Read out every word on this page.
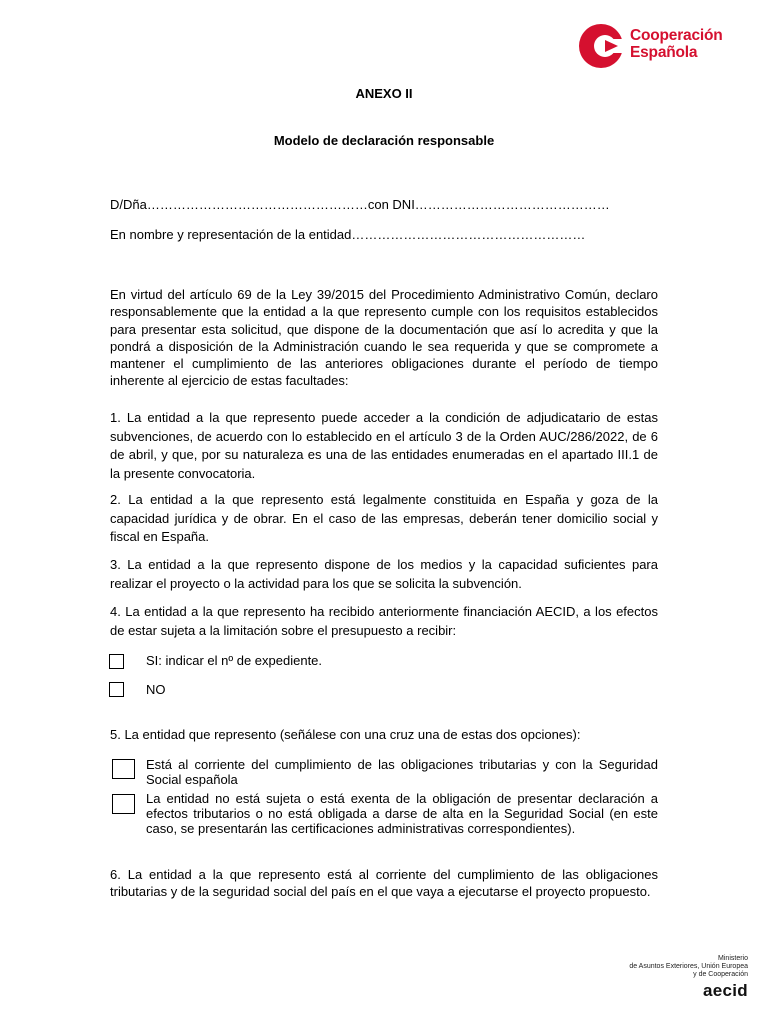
Cooperación
Española
ANEXO II
Modelo de declaración responsable
D/Dña……………………………………………con DNI………………………………………
En nombre y representación de la entidad………………………………………………
En virtud del artículo 69 de la Ley 39/2015 del Procedimiento Administrativo Común, declaro responsablemente que la entidad a la que represento cumple con los requisitos establecidos para presentar esta solicitud, que dispone de la documentación que así lo acredita y que la pondrá a disposición de la Administración cuando le sea requerida y que se compromete a mantener el cumplimiento de las anteriores obligaciones durante el período de tiempo inherente al ejercicio de estas facultades:
1. La entidad a la que represento puede acceder a la condición de adjudicatario de estas subvenciones, de acuerdo con lo establecido en el artículo 3 de la Orden AUC/286/2022, de 6 de abril, y que, por su naturaleza es una de las entidades enumeradas en el apartado III.1 de la presente convocatoria.
2. La entidad a la que represento está legalmente constituida en España y goza de la capacidad jurídica y de obrar. En el caso de las empresas, deberán tener domicilio social y fiscal en España.
3. La entidad a la que represento dispone de los medios y la capacidad suficientes para realizar el proyecto o la actividad para los que se solicita la subvención.
4. La entidad a la que represento ha recibido anteriormente financiación AECID, a los efectos de estar sujeta a la limitación sobre el presupuesto a recibir:
SI: indicar el nº de expediente.
NO
5. La entidad que represento (señálese con una cruz una de estas dos opciones):
Está al corriente del cumplimiento de las obligaciones tributarias y con la Seguridad Social española
La entidad no está sujeta o está exenta de la obligación de presentar declaración a efectos tributarios o no está obligada a darse de alta en la Seguridad Social (en este caso, se presentarán las certificaciones administrativas correspondientes).
6. La entidad a la que represento está al corriente del cumplimiento de las obligaciones tributarias y de la seguridad social del país en el que vaya a ejecutarse el proyecto propuesto.
Ministerio
de Asuntos Exteriores, Unión Europea
y de Cooperación
aecid
